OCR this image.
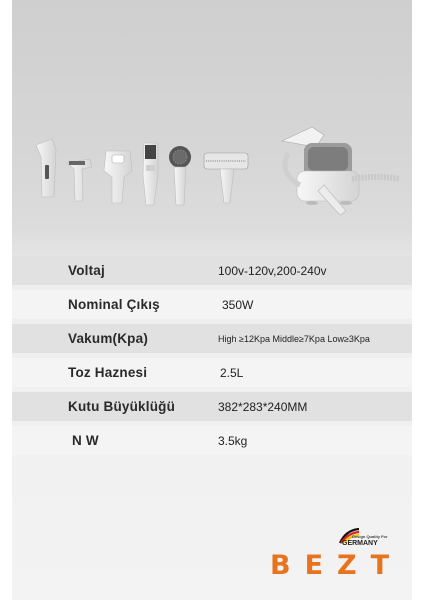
Voltaj	100v-120v,200-240v
Nominal Çıkış	350W
Vakum(Kpa)	High ≥12Kpa Middle≥7Kpa Low≥3Kpa
Toz Haznesi	2.5L
Kutu Büyüklüğü	382*283*240MM
N W	3.5kg
Design Quality For
GERMANY
BEZT
